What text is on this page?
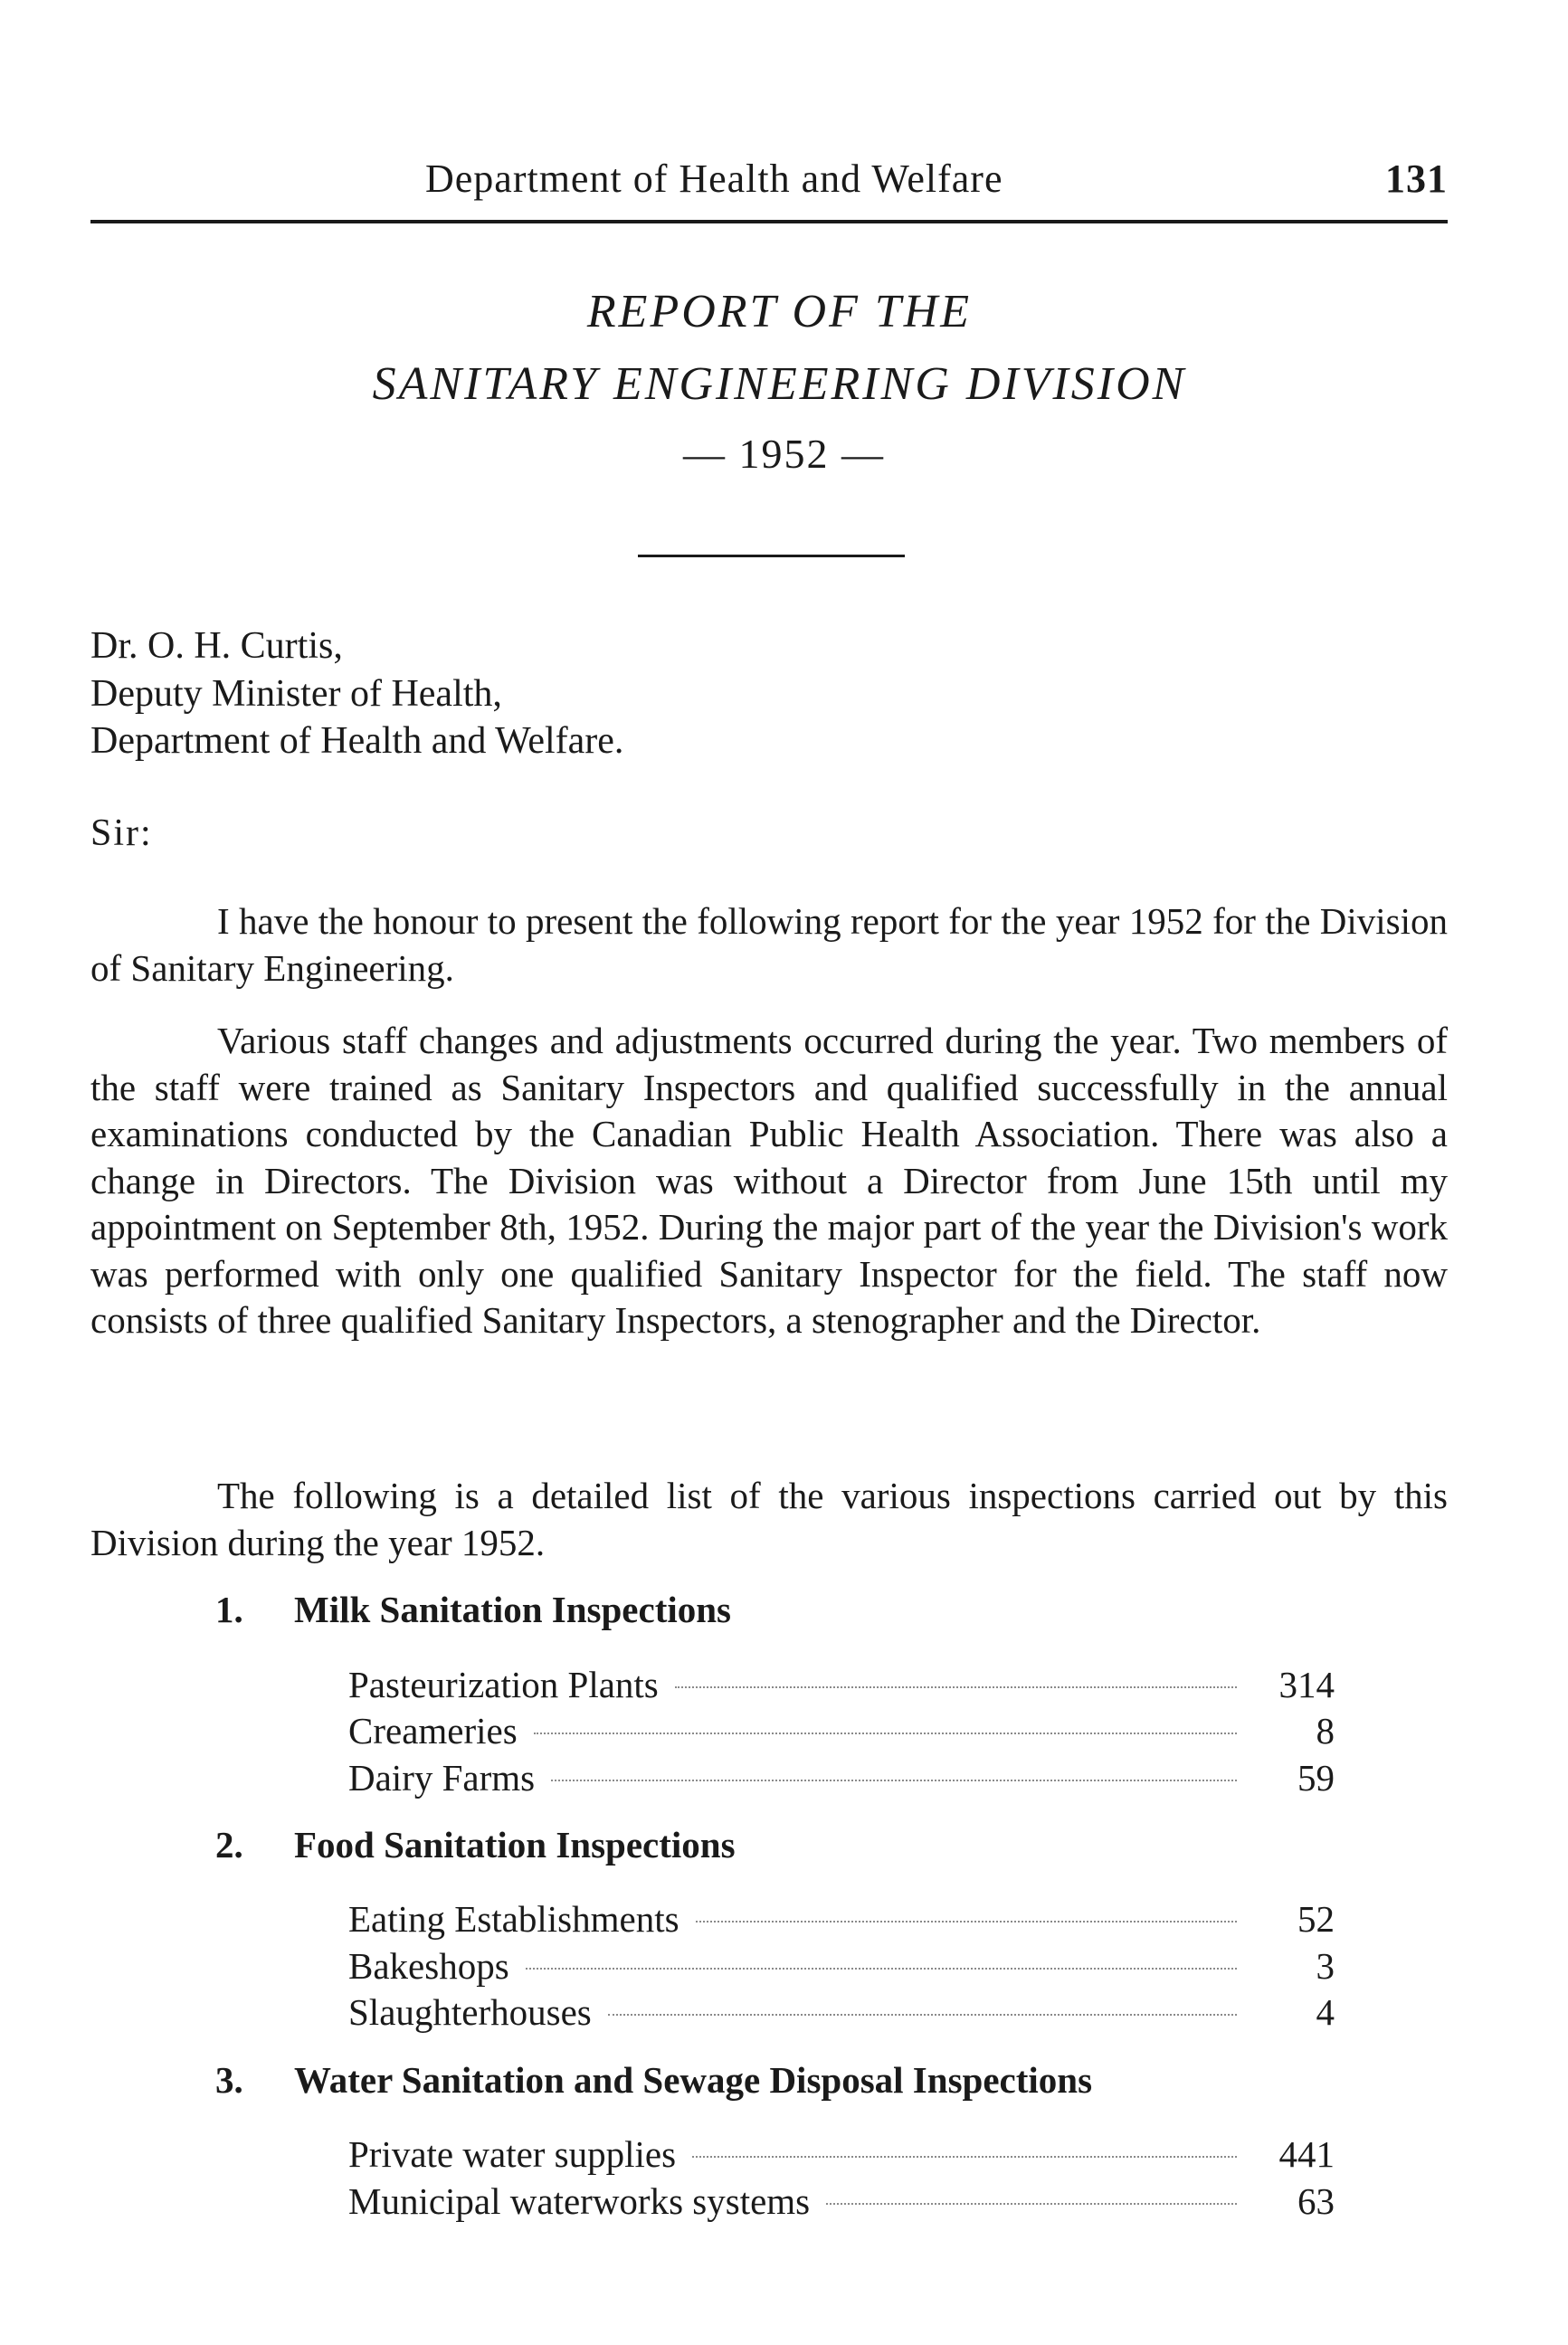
Department of Health and Welfare	131
REPORT OF THE
SANITARY ENGINEERING DIVISION
— 1952 —
Dr. O. H. Curtis,
Deputy Minister of Health,
Department of Health and Welfare.
Sir:
I have the honour to present the following report for the year 1952 for the Division of Sanitary Engineering.
Various staff changes and adjustments occurred during the year. Two members of the staff were trained as Sanitary Inspectors and qualified successfully in the annual examinations conducted by the Canadian Public Health Association. There was also a change in Directors. The Division was without a Director from June 15th until my appointment on September 8th, 1952. During the major part of the year the Division's work was performed with only one qualified Sanitary Inspector for the field. The staff now consists of three qualified Sanitary Inspectors, a stenographer and the Director.
The following is a detailed list of the various inspections carried out by this Division during the year 1952.
1. Milk Sanitation Inspections
Pasteurization Plants	314
Creameries	8
Dairy Farms	59
2. Food Sanitation Inspections
Eating Establishments	52
Bakeshops	3
Slaughterhouses	4
3. Water Sanitation and Sewage Disposal Inspections
Private water supplies	441
Municipal waterworks systems	63
